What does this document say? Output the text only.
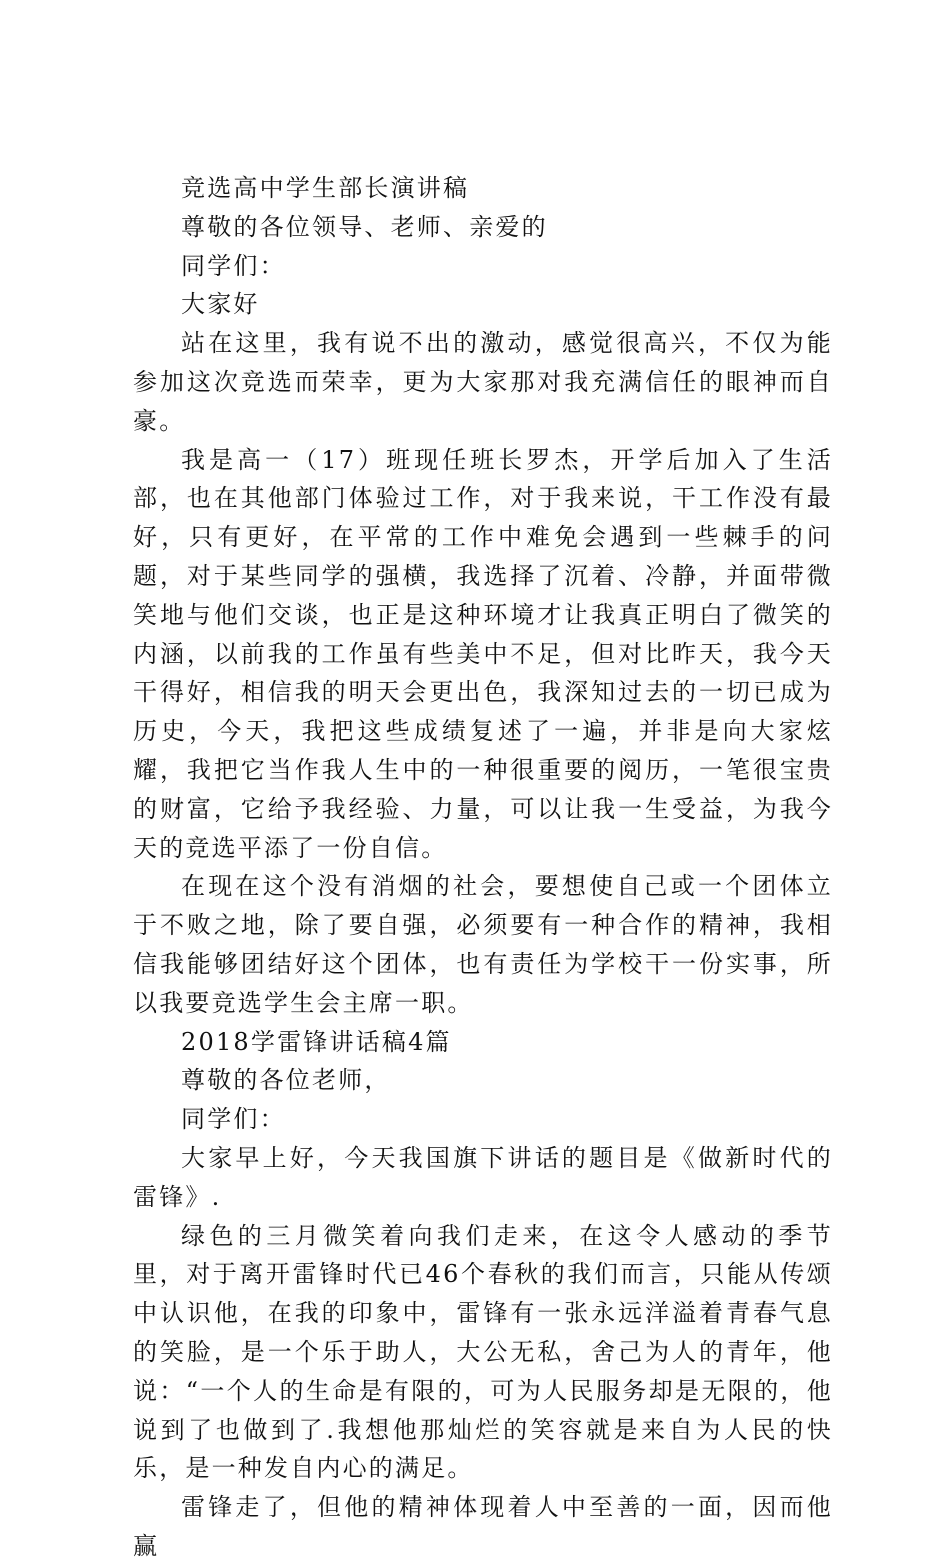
竞选高中学生部长演讲稿

尊敬的各位领导、老师、亲爱的

同学们：

大家好

站在这里，我有说不出的激动，感觉很高兴，不仅为能参加这次竞选而荣幸，更为大家那对我充满信任的眼神而自豪。

我是高一（17）班现任班长罗杰，开学后加入了生活部，也在其他部门体验过工作，对于我来说，干工作没有最好，只有更好，在平常的工作中难免会遇到一些棘手的问题，对于某些同学的强横，我选择了沉着、冷静，并面带微笑地与他们交谈，也正是这种环境才让我真正明白了微笑的内涵，以前我的工作虽有些美中不足，但对比昨天，我今天干得好，相信我的明天会更出色，我深知过去的一切已成为历史，今天，我把这些成绩复述了一遍，并非是向大家炫耀，我把它当作我人生中的一种很重要的阅历，一笔很宝贵的财富，它给予我经验、力量，可以让我一生受益，为我今天的竞选平添了一份自信。

在现在这个没有消烟的社会，要想使自己或一个团体立于不败之地，除了要自强，必须要有一种合作的精神，我相信我能够团结好这个团体，也有责任为学校干一份实事，所以我要竞选学生会主席一职。

2018学雷锋讲话稿4篇

尊敬的各位老师，

同学们：

大家早上好，今天我国旗下讲话的题目是《做新时代的雷锋》.

绿色的三月微笑着向我们走来，在这令人感动的季节里，对于离开雷锋时代已46个春秋的我们而言，只能从传颂中认识他，在我的印象中，雷锋有一张永远洋溢着青春气息的笑脸，是一个乐于助人，大公无私，舍己为人的青年，他说：“一个人的生命是有限的，可为人民服务却是无限的，他说到了也做到了.我想他那灿烂的笑容就是来自为人民的快乐，是一种发自内心的满足。

雷锋走了，但他的精神体现着人中至善的一面，因而他赢
